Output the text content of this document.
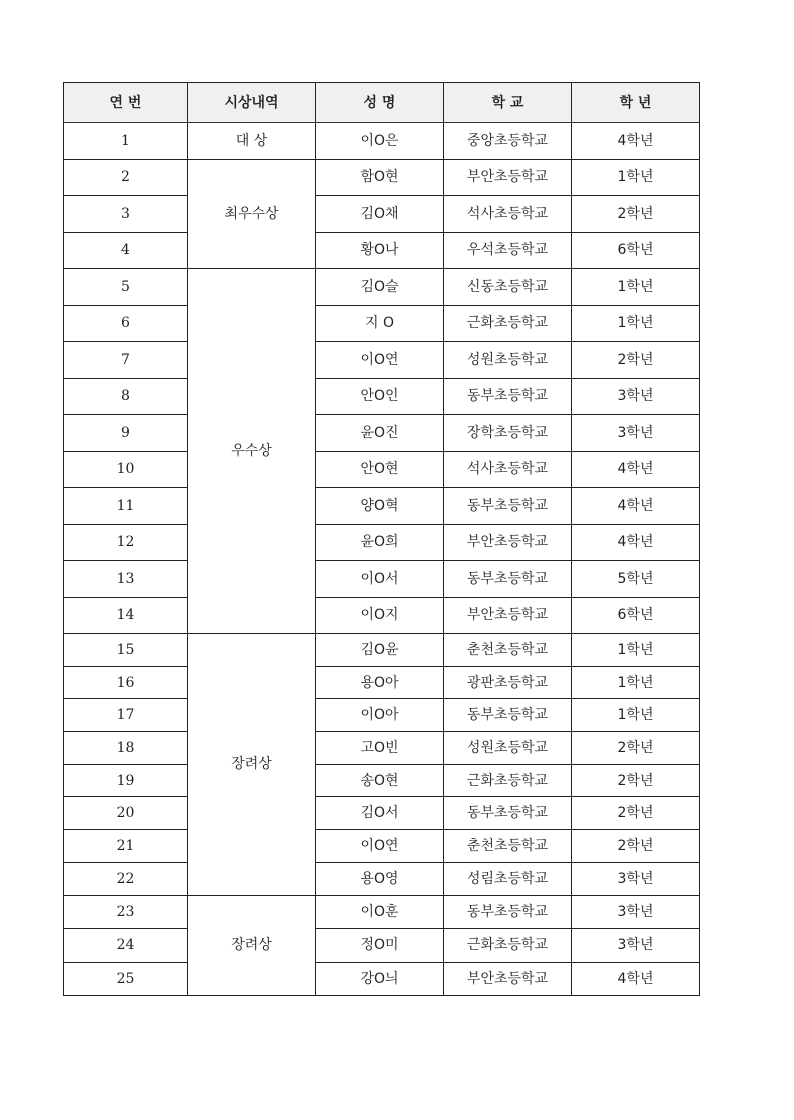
연 번	시상내역	성 명	학 교	학 년
1	대 상	이O은	중앙초등학교	4학년
2	최우수상	함O현	부안초등학교	1학년
3		김O채	석사초등학교	2학년
4		황O나	우석초등학교	6학년
5	우수상	김O슬	신동초등학교	1학년
6		지 O	근화초등학교	1학년
7		이O연	성원초등학교	2학년
8		안O인	동부초등학교	3학년
9		윤O진	장학초등학교	3학년
10		안O현	석사초등학교	4학년
11		양O혁	동부초등학교	4학년
12		윤O희	부안초등학교	4학년
13		이O서	동부초등학교	5학년
14		이O지	부안초등학교	6학년
15	장려상	김O윤	춘천초등학교	1학년
16		용O아	광판초등학교	1학년
17		이O아	동부초등학교	1학년
18		고O빈	성원초등학교	2학년
19		송O현	근화초등학교	2학년
20		김O서	동부초등학교	2학년
21		이O연	춘천초등학교	2학년
22		용O영	성림초등학교	3학년
23	장려상	이O훈	동부초등학교	3학년
24		정O미	근화초등학교	3학년
25		강O늬	부안초등학교	4학년
